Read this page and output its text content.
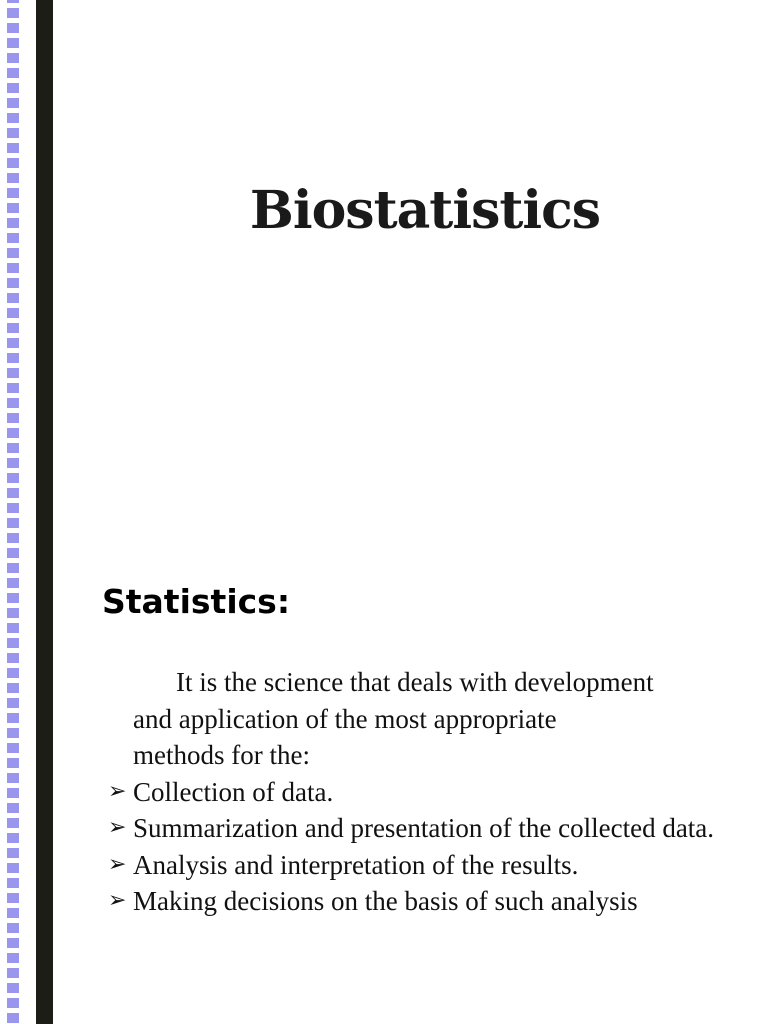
Biostatistics
Statistics:

It is the science that deals with development
and application of the most appropriate
methods for the:

➢ Collection of data.
➢ Summarization and presentation of the collected data.
➢ Analysis and interpretation of the results.
➢ Making decisions on the basis of such analysis
